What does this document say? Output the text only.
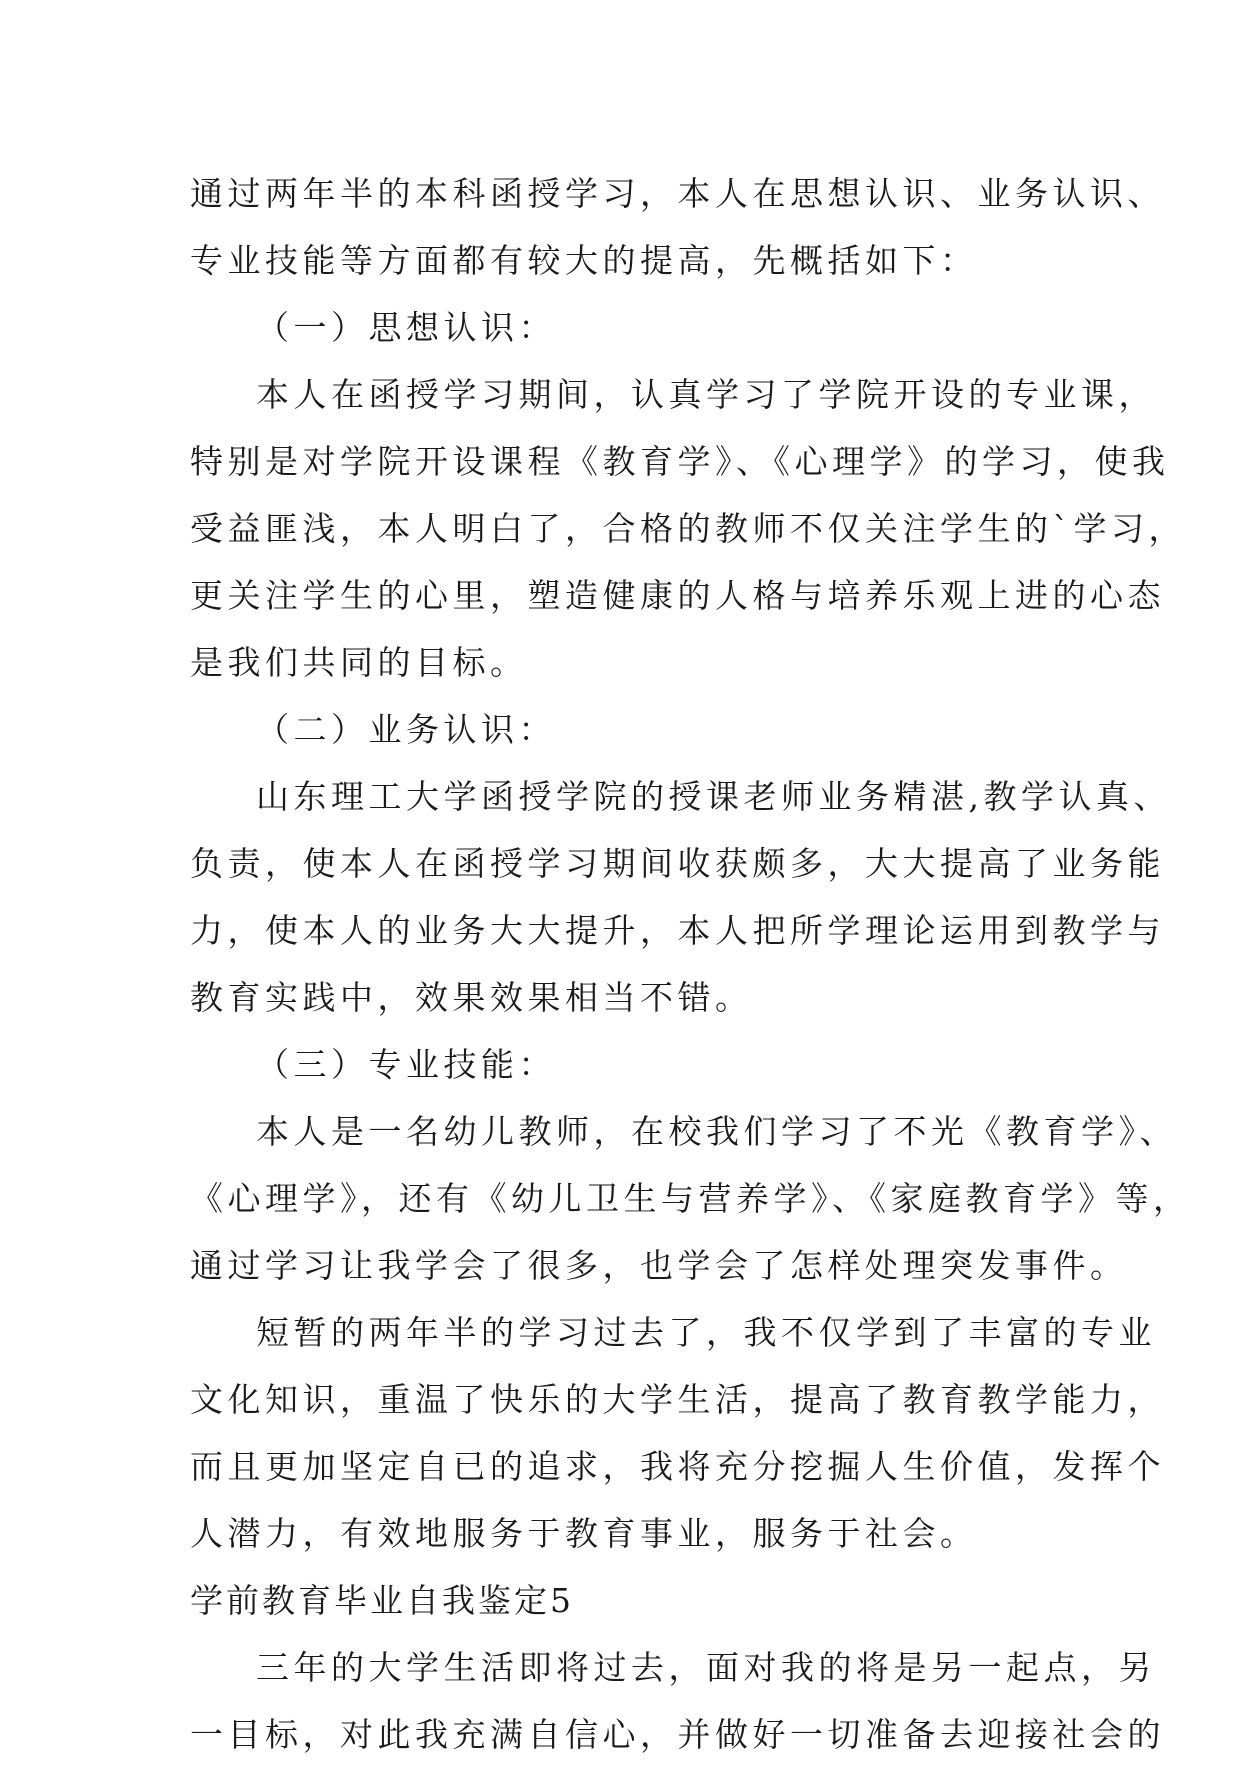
通过两年半的本科函授学习，本人在思想认识、业务认识、
专业技能等方面都有较大的提高，先概括如下：
（一）思想认识：
本人在函授学习期间，认真学习了学院开设的专业课，
特别是对学院开设课程《教育学》、《心理学》的学习，使我
受益匪浅，本人明白了，合格的教师不仅关注学生的`学习，
更关注学生的心里，塑造健康的人格与培养乐观上进的心态
是我们共同的目标。
（二）业务认识：
山东理工大学函授学院的授课老师业务精湛,教学认真、
负责，使本人在函授学习期间收获颇多，大大提高了业务能
力，使本人的业务大大提升，本人把所学理论运用到教学与
教育实践中，效果效果相当不错。
（三）专业技能：
本人是一名幼儿教师，在校我们学习了不光《教育学》、
《心理学》，还有《幼儿卫生与营养学》、《家庭教育学》等，
通过学习让我学会了很多，也学会了怎样处理突发事件。
短暂的两年半的学习过去了，我不仅学到了丰富的专业
文化知识，重温了快乐的大学生活，提高了教育教学能力，
而且更加坚定自已的追求，我将充分挖掘人生价值，发挥个
人潜力，有效地服务于教育事业，服务于社会。
学前教育毕业自我鉴定5
三年的大学生活即将过去，面对我的将是另一起点，另
一目标，对此我充满自信心，并做好一切准备去迎接社会的
